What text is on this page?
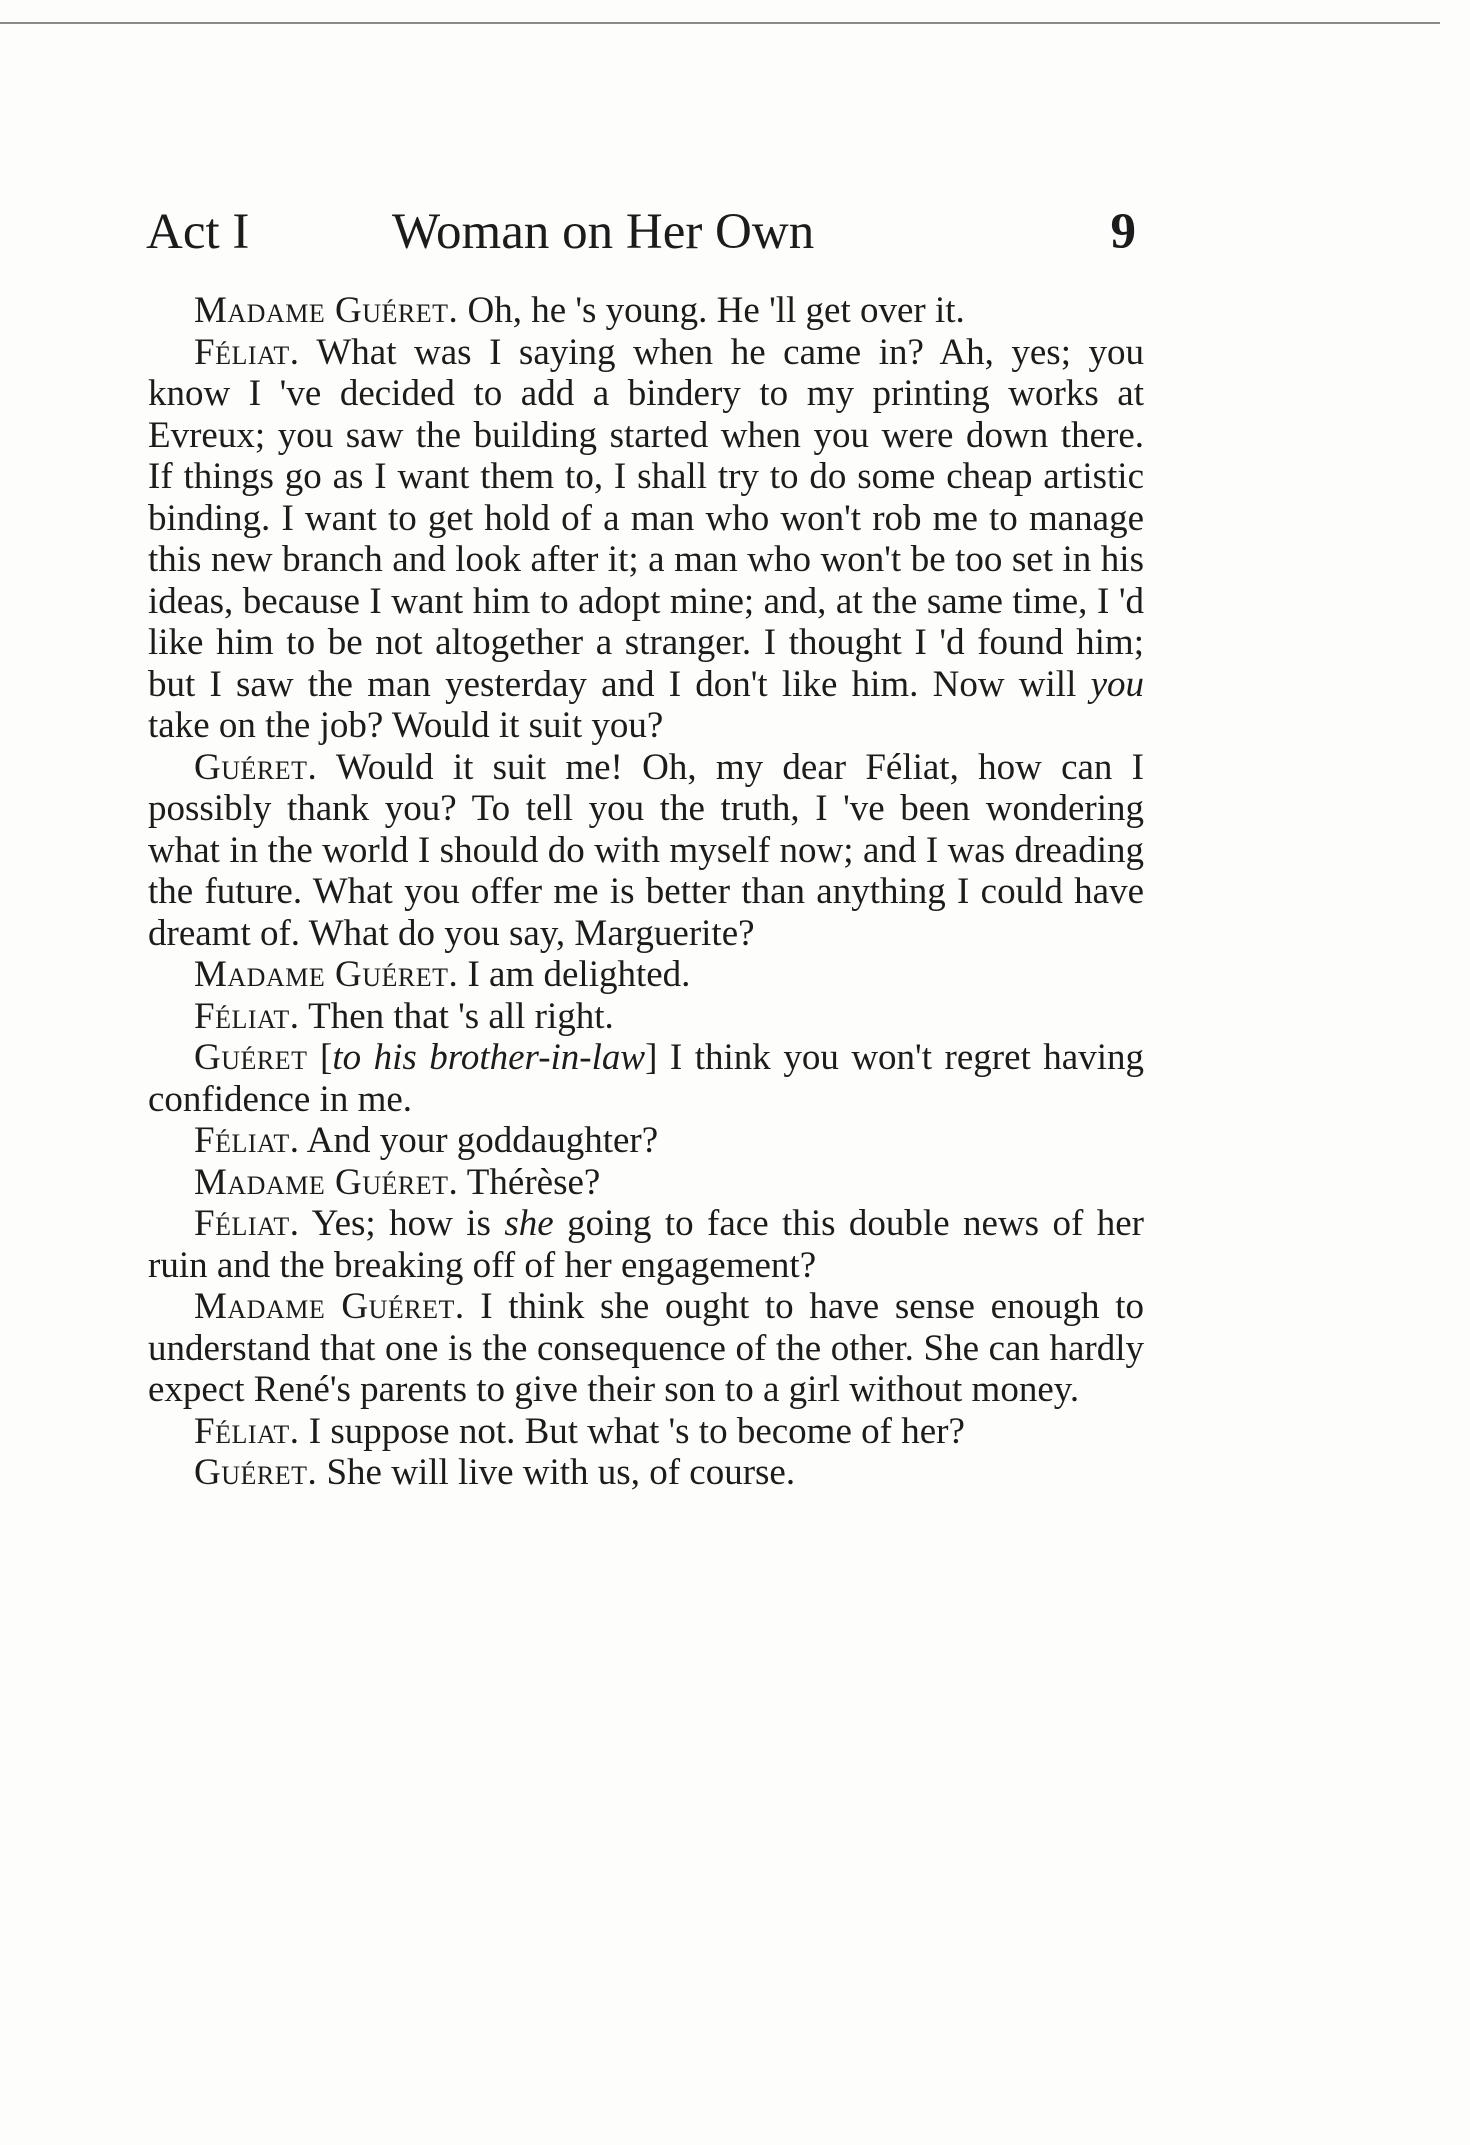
Act I	Woman on Her Own	9

Madame Guéret. Oh, he 's young. He 'll get over it.

Féliat. What was I saying when he came in? Ah, yes; you know I 've decided to add a bindery to my printing works at Evreux; you saw the building started when you were down there. If things go as I want them to, I shall try to do some cheap artistic binding. I want to get hold of a man who won't rob me to manage this new branch and look after it; a man who won't be too set in his ideas, because I want him to adopt mine; and, at the same time, I 'd like him to be not altogether a stranger. I thought I 'd found him; but I saw the man yesterday and I don't like him. Now will you take on the job? Would it suit you?

Guéret. Would it suit me! Oh, my dear Féliat, how can I possibly thank you? To tell you the truth, I 've been wondering what in the world I should do with myself now; and I was dreading the future. What you offer me is better than anything I could have dreamt of. What do you say, Marguerite?

Madame Guéret. I am delighted.

Féliat. Then that 's all right.

Guéret [to his brother-in-law] I think you won't regret having confidence in me.

Féliat. And your goddaughter?

Madame Guéret. Thérèse?

Féliat. Yes; how is she going to face this double news of her ruin and the breaking off of her engagement?

Madame Guéret. I think she ought to have sense enough to understand that one is the consequence of the other. She can hardly expect René's parents to give their son to a girl without money.

Féliat. I suppose not. But what 's to become of her?

Guéret. She will live with us, of course.
